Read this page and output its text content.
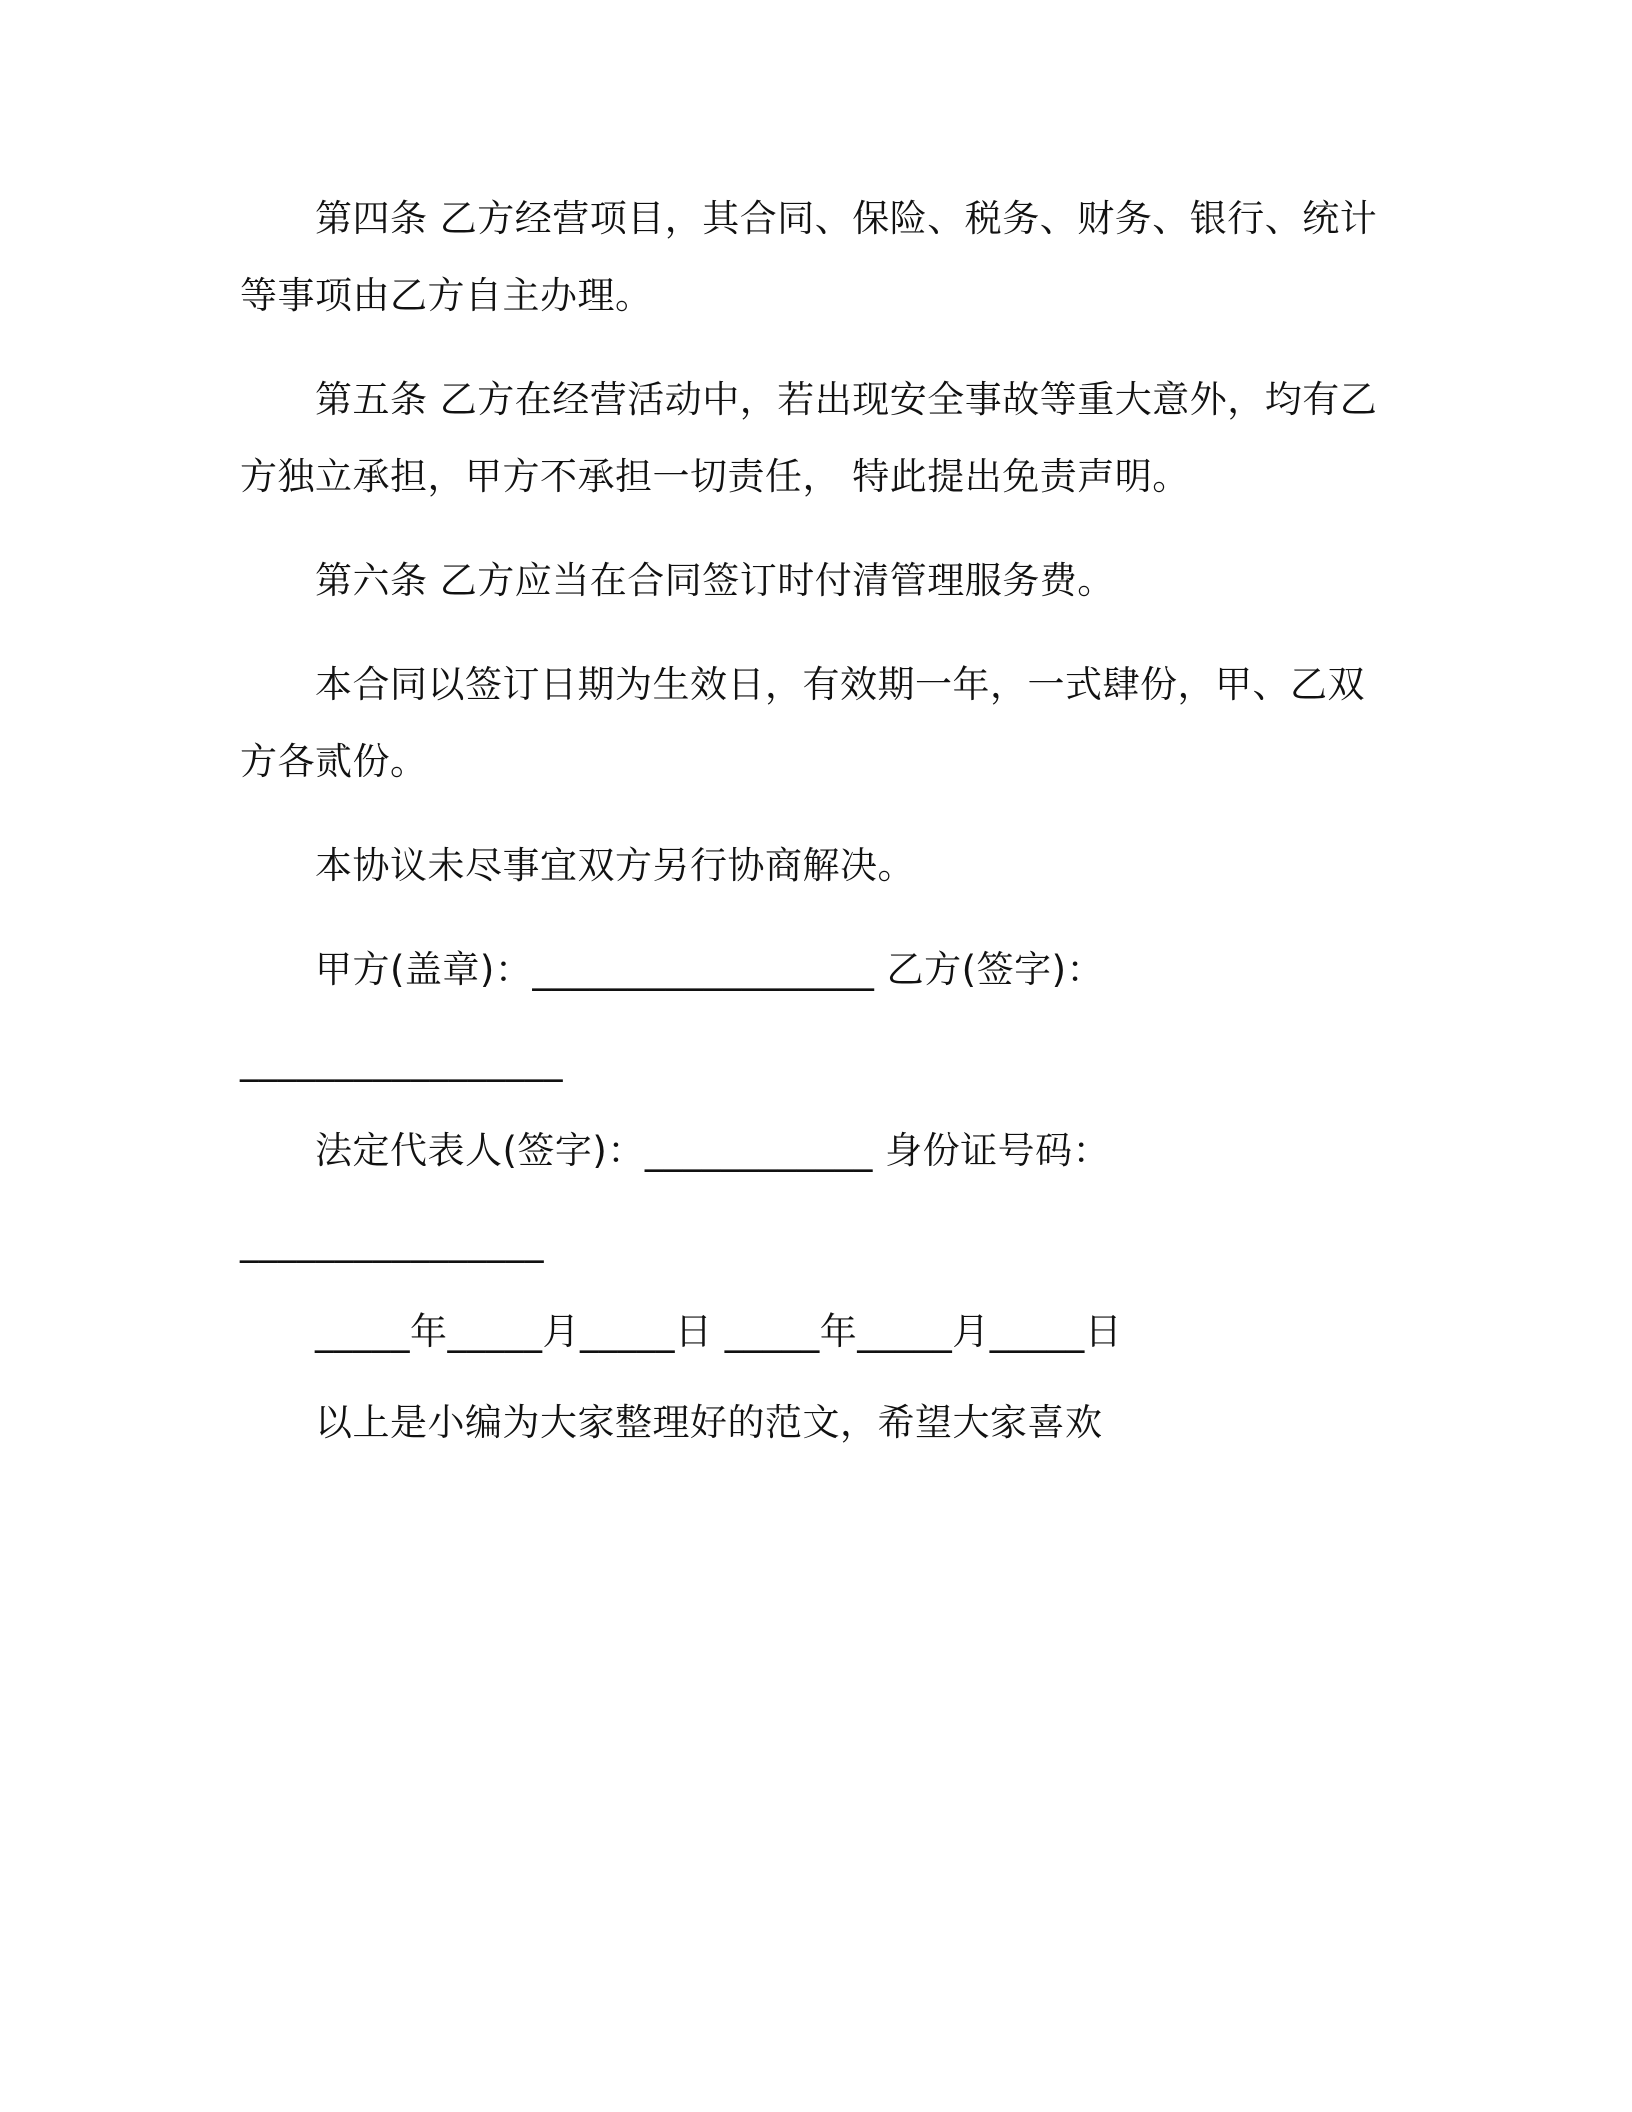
第四条 乙方经营项目，其合同、保险、税务、财务、银行、统计
等事项由乙方自主办理。
第五条 乙方在经营活动中，若出现安全事故等重大意外，均有乙
方独立承担，甲方不承担一切责任， 特此提出免责声明。
第六条 乙方应当在合同签订时付清管理服务费。
本合同以签订日期为生效日，有效期一年，一式肆份，甲、乙双
方各贰份。
本协议未尽事宜双方另行协商解决。
甲方(盖章)：__________________ 乙方(签字)：
_________________
法定代表人(签字)：____________ 身份证号码：
________________
_____年_____月_____日 _____年_____月_____日
以上是小编为大家整理好的范文，希望大家喜欢
